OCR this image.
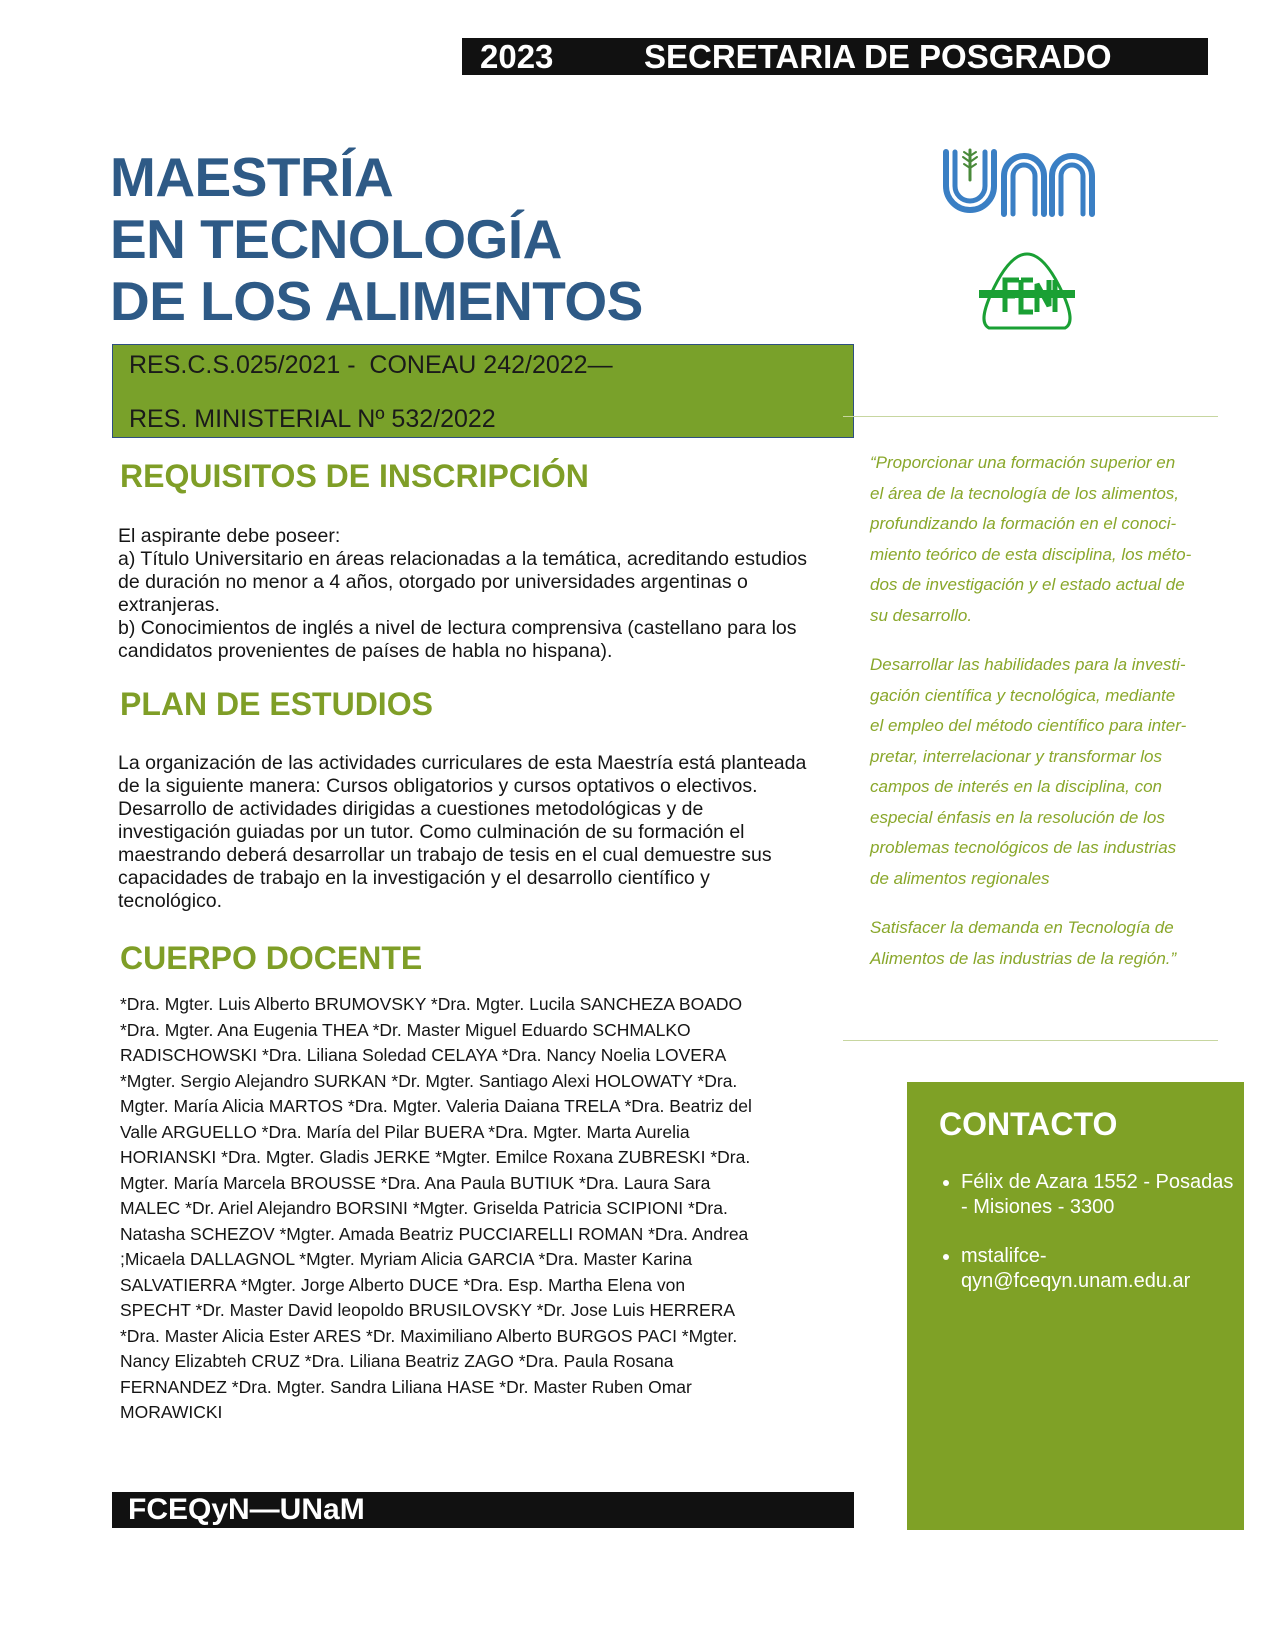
2023	SECRETARIA DE POSGRADO
MAESTRÍA
EN TECNOLOGÍA
DE LOS ALIMENTOS
RES.C.S.025/2021 -  CONEAU 242/2022—
RES. MINISTERIAL Nº 532/2022
REQUISITOS DE INSCRIPCIÓN

El aspirante debe poseer:

a) Título Universitario en áreas relacionadas a la temática, acreditando estudios de duración no menor a 4 años, otorgado por universidades argentinas o extranjeras.

b) Conocimientos de inglés a nivel de lectura comprensiva (castellano para los candidatos provenientes de países de habla no hispana).

PLAN DE ESTUDIOS

La organización de las actividades curriculares de esta Maestría está planteada de la siguiente manera: Cursos obligatorios y cursos optativos o electivos. Desarrollo de actividades dirigidas a cuestiones metodológicas y de investigación guiadas por un tutor. Como culminación de su formación el maestrando deberá desarrollar un trabajo de tesis en el cual demuestre sus capacidades de trabajo en la investigación y el desarrollo científico y tecnológico.

CUERPO DOCENTE
*Dra. Mgter. Luis Alberto BRUMOVSKY *Dra. Mgter. Lucila SANCHEZA BOADO
*Dra. Mgter. Ana Eugenia THEA *Dr. Master Miguel Eduardo SCHMALKO
RADISCHOWSKI *Dra. Liliana Soledad CELAYA *Dra. Nancy Noelia LOVERA
*Mgter. Sergio Alejandro SURKAN *Dr. Mgter. Santiago Alexi HOLOWATY *Dra.
Mgter. María Alicia MARTOS *Dra. Mgter. Valeria Daiana TRELA *Dra. Beatriz del
Valle ARGUELLO *Dra. María del Pilar BUERA *Dra. Mgter. Marta Aurelia
HORIANSKI *Dra. Mgter. Gladis JERKE *Mgter. Emilce Roxana ZUBRESKI *Dra.
Mgter. María Marcela BROUSSE *Dra. Ana Paula BUTIUK *Dra. Laura Sara
MALEC *Dr. Ariel Alejandro BORSINI *Mgter. Griselda Patricia SCIPIONI *Dra.
Natasha SCHEZOV *Mgter. Amada Beatriz PUCCIARELLI ROMAN *Dra. Andrea
;Micaela DALLAGNOL *Mgter. Myriam Alicia GARCIA *Dra. Master Karina
SALVATIERRA *Mgter. Jorge Alberto DUCE *Dra. Esp. Martha Elena von
SPECHT *Dr. Master David leopoldo BRUSILOVSKY *Dr. Jose Luis HERRERA
*Dra. Master Alicia Ester ARES *Dr. Maximiliano Alberto BURGOS PACI *Mgter.
Nancy Elizabteh CRUZ *Dra. Liliana Beatriz ZAGO *Dra. Paula Rosana
FERNANDEZ *Dra. Mgter. Sandra Liliana HASE *Dr. Master Ruben Omar
MORAWICKI
“Proporcionar una formación superior en
el área de la tecnología de los alimentos,
profundizando la formación en el conoci-
miento teórico de esta disciplina, los méto-
dos de investigación y el estado actual de
su desarrollo.
Desarrollar las habilidades para la investi-
gación científica y tecnológica, mediante
el empleo del método científico para inter-
pretar, interrelacionar y transformar los
campos de interés en la disciplina, con
especial énfasis en la resolución de los
problemas tecnológicos de las industrias
de alimentos regionales
Satisfacer la demanda en Tecnología de
Alimentos de las industrias de la región.”
CONTACTO
• Félix de Azara 1552 - Posadas - Misiones - 3300
• mstalifce-qyn@fceqyn.unam.edu.ar
FCEQyN—UNaM
